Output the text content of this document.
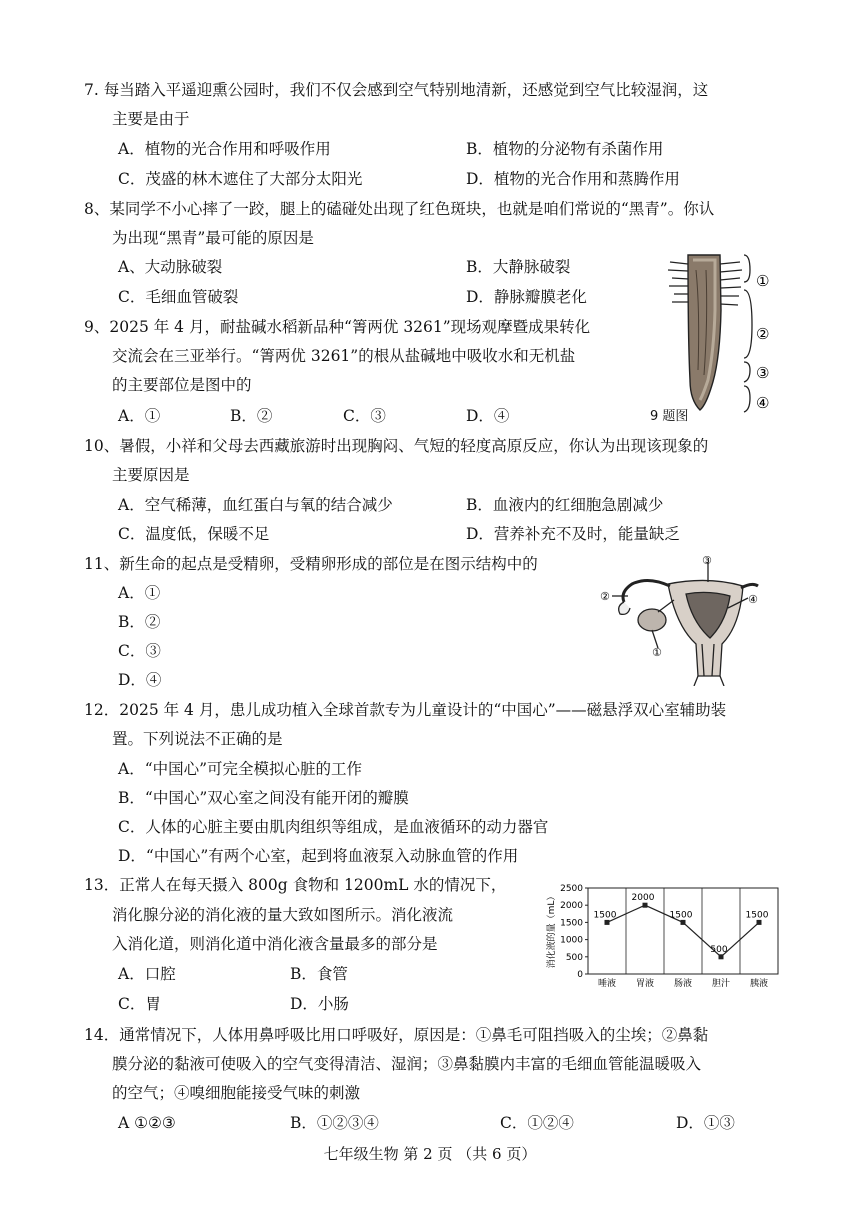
7. 每当踏入平遥迎熏公园时，我们不仅会感到空气特别地清新，还感觉到空气比较湿润，这
主要是由于
A．植物的光合作用和呼吸作用	B．植物的分泌物有杀菌作用
C．茂盛的林木遮住了大部分太阳光	D．植物的光合作用和蒸腾作用
8、某同学不小心摔了一跤，腿上的磕碰处出现了红色斑块，也就是咱们常说的“黑青”。你认
为出现“黑青”最可能的原因是
A、大动脉破裂	B．大静脉破裂
C．毛细血管破裂	D．静脉瓣膜老化
9、2025 年 4 月，耐盐碱水稻新品种“箐两优 3261”现场观摩暨成果转化
交流会在三亚举行。“箐两优 3261”的根从盐碱地中吸收水和无机盐
的主要部位是图中的
A．①	B．②	C．③	D．④
①
②
③
④
9 题图
10、暑假，小祥和父母去西藏旅游时出现胸闷、气短的轻度高原反应，你认为出现该现象的
主要原因是
A．空气稀薄，血红蛋白与氧的结合减少	B．血液内的红细胞急剧减少
C．温度低，保暖不足	D．营养补充不及时，能量缺乏
11、新生命的起点是受精卵，受精卵形成的部位是在图示结构中的
A．①
B．②
C．③
D．④
③
②	④
①
12．2025 年 4 月，患儿成功植入全球首款专为儿童设计的“中国心”——磁悬浮双心室辅助装
置。下列说法不正确的是
A．“中国心”可完全模拟心脏的工作
B．“中国心”双心室之间没有能开闭的瓣膜
C．人体的心脏主要由肌肉组织等组成，是血液循环的动力器官
D．“中国心”有两个心室，起到将血液泵入动脉血管的作用
13．正常人在每天摄入 800g 食物和 1200mL 水的情况下，
消化腺分泌的消化液的量大致如图所示。消化液流
入消化道，则消化道中消化液含量最多的部分是
A．口腔	B．食管
C．胃	D．小肠
消化液的量（mL）
0
500
1000
1500
2000
2500
唾液 胃液 肠液 胆汁 胰液
1500
2000
1500
500
1500
14．通常情况下，人体用鼻呼吸比用口呼吸好，原因是：①鼻毛可阻挡吸入的尘埃；②鼻黏
膜分泌的黏液可使吸入的空气变得清洁、湿润；③鼻黏膜内丰富的毛细血管能温暖吸入
的空气；④嗅细胞能接受气味的刺激
A ①②③	B．①②③④	C．①②④	D．①③
七年级生物 第 2 页 （共 6 页）
